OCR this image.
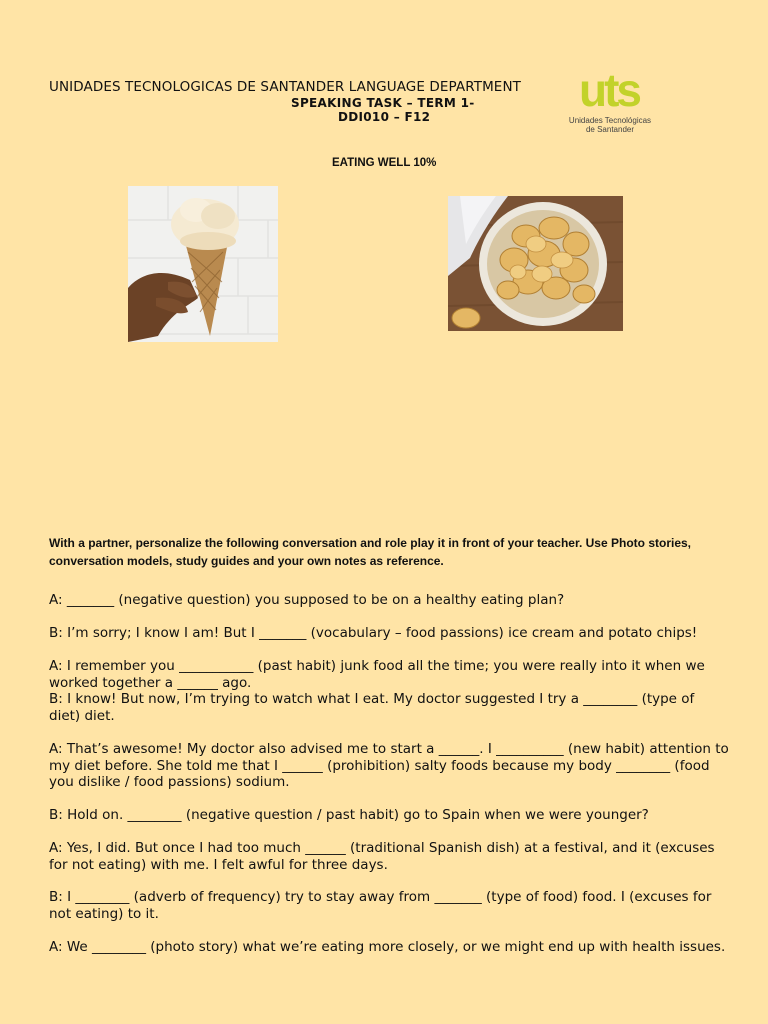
UNIDADES TECNOLOGICAS DE SANTANDER LANGUAGE DEPARTMENT
SPEAKING TASK – TERM 1-
DDI010 – F12
uts
Unidades Tecnológicas
de Santander
EATING WELL 10%
With a partner, personalize the following conversation and role play it in front of your teacher. Use Photo stories, conversation models, study guides and your own notes as reference.
A: _______ (negative question) you supposed to be on a healthy eating plan?
B: I’m sorry; I know I am! But I _______ (vocabulary – food passions) ice cream and potato chips!
A: I remember you ___________ (past habit) junk food all the time; you were really into it when we worked together a ______ ago.
B: I know! But now, I’m trying to watch what I eat. My doctor suggested I try a ________ (type of diet) diet.
A: That’s awesome! My doctor also advised me to start a ______. I __________ (new habit) attention to my diet before. She told me that I ______ (prohibition) salty foods because my body ________ (food you dislike / food passions) sodium.
B: Hold on. ________ (negative question / past habit) go to Spain when we were younger?
A: Yes, I did. But once I had too much ______ (traditional Spanish dish) at a festival, and it (excuses for not eating) with me. I felt awful for three days.
B: I ________ (adverb of frequency) try to stay away from _______ (type of food) food. I (excuses for not eating) to it.
A: We ________ (photo story) what we’re eating more closely, or we might end up with health issues.
